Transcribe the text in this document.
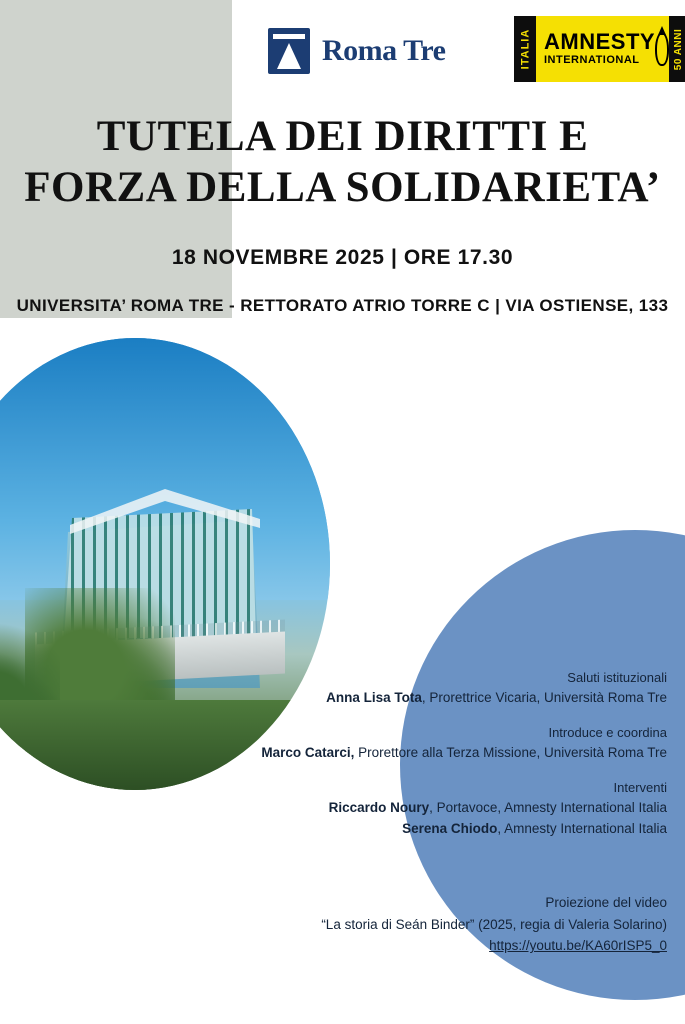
Roma Tre	ITALIA AMNESTY
INTERNATIONAL	50 ANNI
TUTELA DEI DIRITTI E
FORZA DELLA SOLIDARIETA’
18 NOVEMBRE 2025 | ORE 17.30
UNIVERSITA’ ROMA TRE - RETTORATO ATRIO TORRE C | VIA OSTIENSE, 133
Saluti istituzionali
Anna Lisa Tota, Prorettrice Vicaria, Università Roma Tre
Introduce e coordina
Marco Catarci, Prorettore alla Terza Missione, Università Roma Tre
Interventi
Riccardo Noury, Portavoce, Amnesty International Italia
Serena Chiodo, Amnesty International Italia
Proiezione del video
“La storia di Seán Binder” (2025, regia di Valeria Solarino)
https://youtu.be/KA60rISP5_0
